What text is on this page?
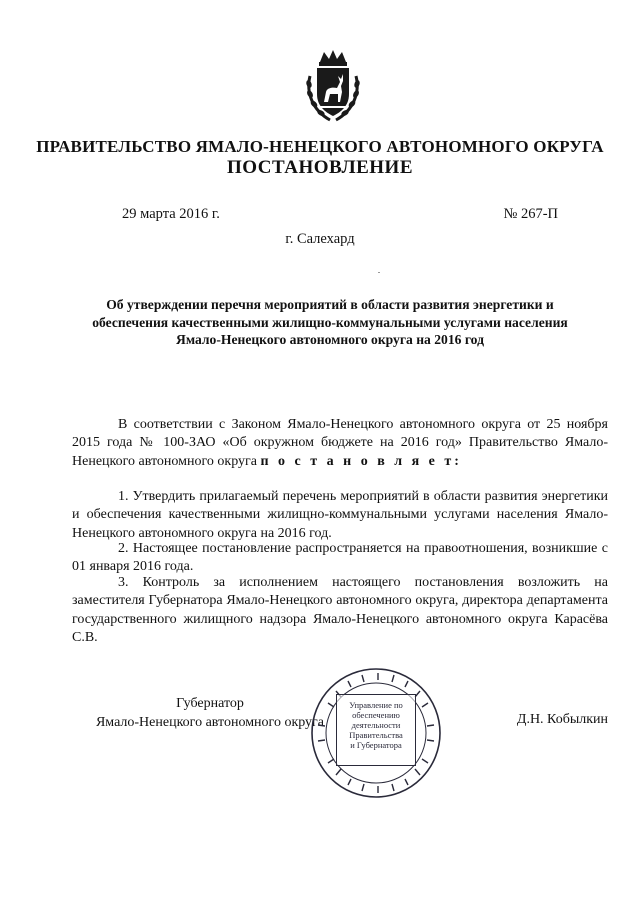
ПРАВИТЕЛЬСТВО ЯМАЛО-НЕНЕЦКОГО АВТОНОМНОГО ОКРУГА
ПОСТАНОВЛЕНИЕ
29 марта 2016 г.	№ 267-П
г. Салехард

Об утверждении перечня мероприятий в области развития энергетики и обеспечения качественными жилищно-коммунальными услугами населения Ямало-Ненецкого автономного округа на 2016 год

В соответствии с Законом Ямало-Ненецкого автономного округа от 25 ноября 2015 года № 100-ЗАО «Об окружном бюджете на 2016 год» Правительство Ямало-Ненецкого автономного округа п о с т а н о в л я е т:

1. Утвердить прилагаемый перечень мероприятий в области развития энергетики и обеспечения качественными жилищно-коммунальными услугами населения Ямало-Ненецкого автономного округа на 2016 год.

2. Настоящее постановление распространяется на правоотношения, возникшие с 01 января 2016 года.

3. Контроль за исполнением настоящего постановления возложить на заместителя Губернатора Ямало-Ненецкого автономного округа, директора департамента государственного жилищного надзора Ямало-Ненецкого автономного округа Карасёва С.В.

Губернатор
Ямало-Ненецкого автономного округа
Управление по
обеспечению
деятельности
Правительства
и Губернатора
Д.Н. Кобылкин
